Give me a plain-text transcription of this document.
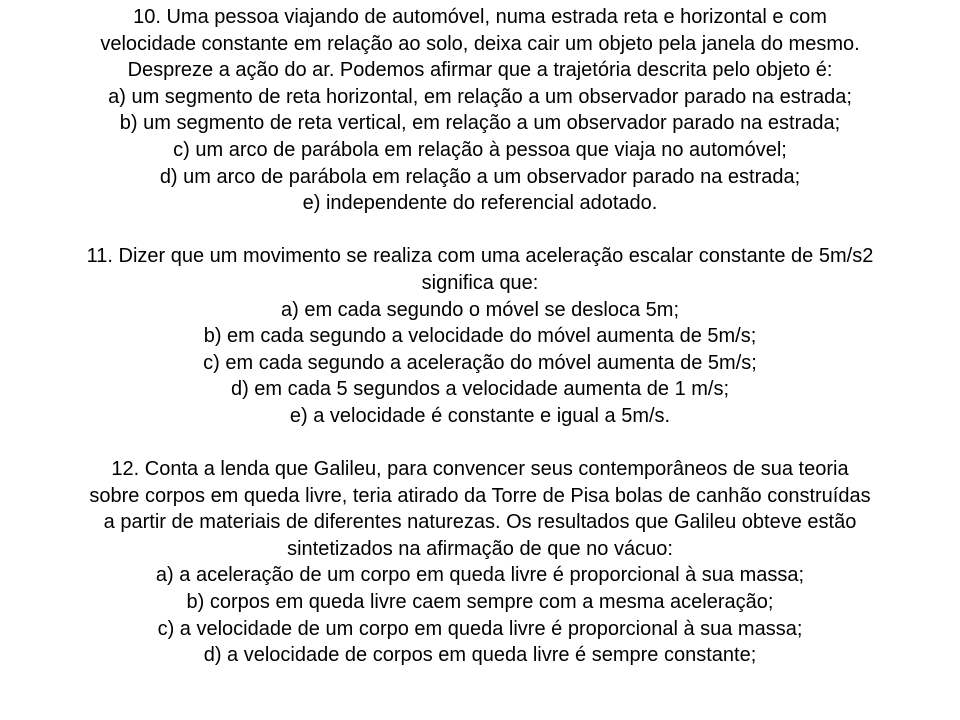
10. Uma pessoa viajando de automóvel, numa estrada reta e horizontal e com
velocidade constante em relação ao solo, deixa cair um objeto pela janela do mesmo.
Despreze a ação do ar. Podemos afirmar que a trajetória descrita pelo objeto é:
a) um segmento de reta horizontal, em relação a um observador parado na estrada;
b) um segmento de reta vertical, em relação a um observador parado na estrada;
c) um arco de parábola em relação à pessoa que viaja no automóvel;
d) um arco de parábola em relação a um observador parado na estrada;
e) independente do referencial adotado.
11. Dizer que um movimento se realiza com uma aceleração escalar constante de 5m/s2
significa que:
a) em cada segundo o móvel se desloca 5m;
b) em cada segundo a velocidade do móvel aumenta de 5m/s;
c) em cada segundo a aceleração do móvel aumenta de 5m/s;
d) em cada 5 segundos a velocidade aumenta de 1 m/s;
e) a velocidade é constante e igual a 5m/s.
12. Conta a lenda que Galileu, para convencer seus contemporâneos de sua teoria
sobre corpos em queda livre, teria atirado da Torre de Pisa bolas de canhão construídas
a partir de materiais de diferentes naturezas. Os resultados que Galileu obteve estão
sintetizados na afirmação de que no vácuo:
a) a aceleração de um corpo em queda livre é proporcional à sua massa;
b) corpos em queda livre caem sempre com a mesma aceleração;
c) a velocidade de um corpo em queda livre é proporcional à sua massa;
d) a velocidade de corpos em queda livre é sempre constante;
